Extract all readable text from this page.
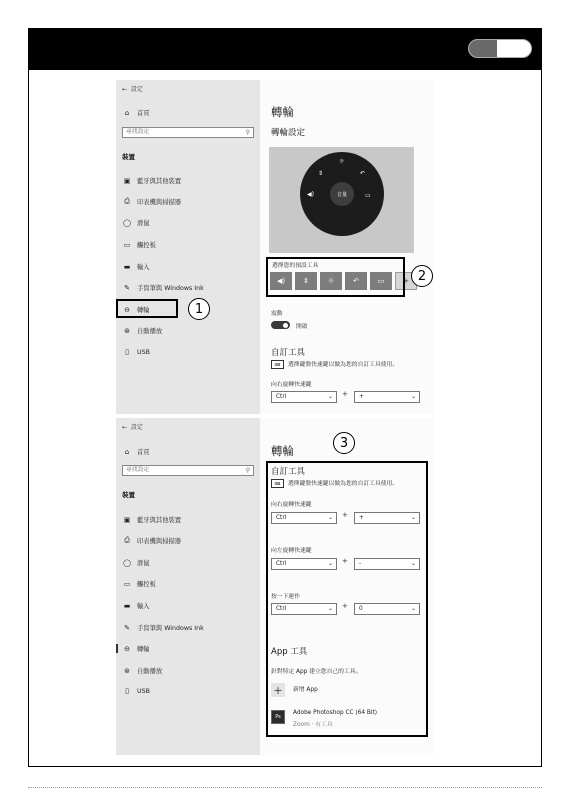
←  設定
⌂	首頁
尋找設定	⚲
裝置
▣ 藍牙與其他裝置
⎙	印表機與掃描器
◯ 滑鼠
▭ 觸控板
▬ 輸入
✎	手寫筆與 Windows Ink
⊖	轉輪
⊛	自動播放
▯	USB
轉輪
轉輪設定
☼
⇕	↶
◀)	▭
音量
選擇您的預設工具
◀)	⇕	☼	↶	▭	+
震動
開啟
自訂工具
⌨	選擇鍵盤快速鍵以做為您的自訂工具使用。
向右旋轉快速鍵
Ctrl	⌄ +	+	⌄
1
2
←  設定
⌂	首頁
尋找設定	⚲
裝置
▣ 藍牙與其他裝置
⎙	印表機與掃描器
◯ 滑鼠
▭ 觸控板
▬ 輸入
✎	手寫筆與 Windows Ink
⊖	轉輪
⊛	自動播放
▯	USB
轉輪
自訂工具
⌨	選擇鍵盤快速鍵以做為您的自訂工具使用。
向右旋轉快速鍵
Ctrl	⌄ +	+	⌄
向左旋轉快速鍵
Ctrl	⌄ +	-	⌄
按一下運作
Ctrl	⌄ +	0	⌄
App 工具
針對特定 App 建立您自己的工具。
+ 新增 App
Ps
Adobe Photoshop CC (64 Bit)
Zoom · 有工具
3
